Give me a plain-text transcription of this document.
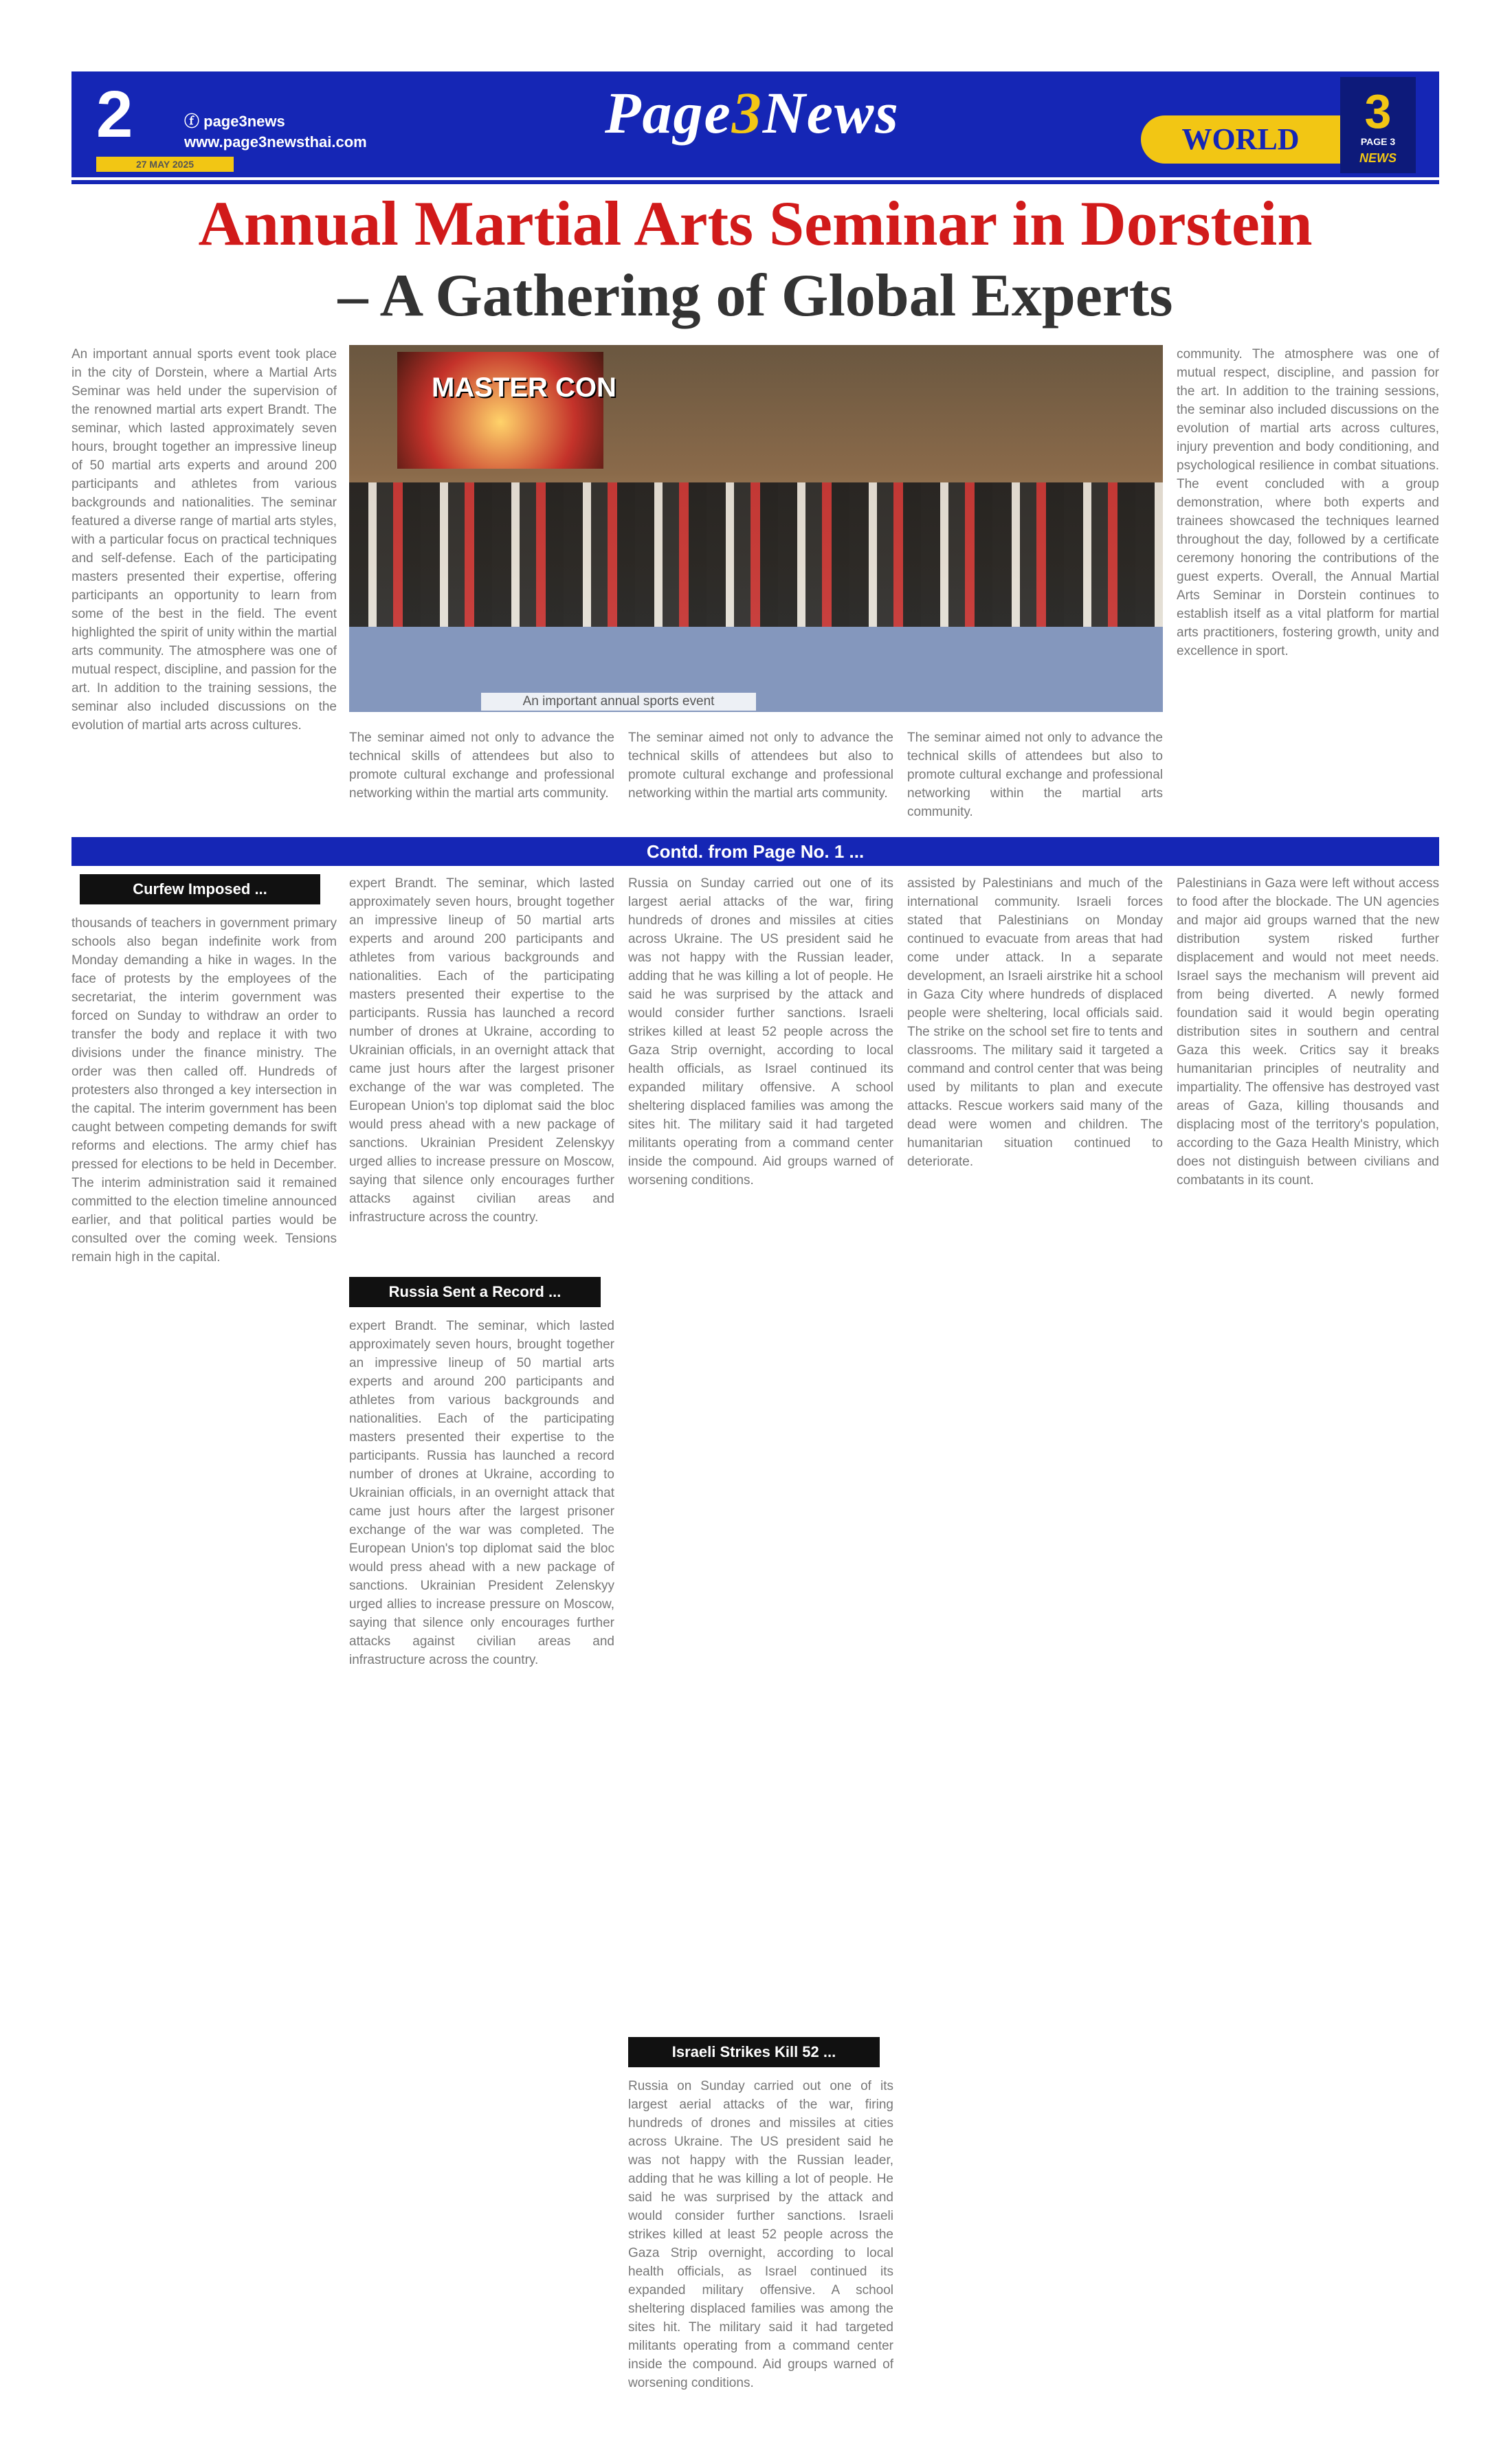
2	ⓕ page3news
www.page3newsthai.com
27 MAY 2025
Page3News	WORLD
3
PAGE 3
NEWS
Annual Martial Arts Seminar in Dorstein
– A Gathering of Global Experts
An important annual sports event took place in the city of Dorstein, where a Martial Arts Seminar was held under the supervision of the renowned martial arts expert Brandt. The seminar, which lasted approximately seven hours, brought together an impressive lineup of 50 martial arts experts and around 200 participants and athletes from various backgrounds and nationalities. The seminar featured a diverse range of martial arts styles, with a particular focus on practical techniques and self-defense. Each of the participating masters presented their expertise, offering participants an opportunity to learn from some of the best in the field. The event highlighted the spirit of unity within the martial arts community. The atmosphere was one of mutual respect, discipline, and passion for the art. In addition to the training sessions, the seminar also included discussions on the evolution of martial arts across cultures.
MASTER CON
An important annual sports event
The seminar aimed not only to advance the technical skills of attendees but also to promote cultural exchange and professional networking within the martial arts community.
The seminar aimed not only to advance the technical skills of attendees but also to promote cultural exchange and professional networking within the martial arts community.
The seminar aimed not only to advance the technical skills of attendees but also to promote cultural exchange and professional networking within the martial arts community.
community. The atmosphere was one of mutual respect, discipline, and passion for the art. In addition to the training sessions, the seminar also included discussions on the evolution of martial arts across cultures, injury prevention and body conditioning, and psychological resilience in combat situations. The event concluded with a group demonstration, where both experts and trainees showcased the techniques learned throughout the day, followed by a certificate ceremony honoring the contributions of the guest experts. Overall, the Annual Martial Arts Seminar in Dorstein continues to establish itself as a vital platform for martial arts practitioners, fostering growth, unity and excellence in sport.
Contd. from Page No. 1 ...
Curfew Imposed ...
thousands of teachers in government primary schools also began indefinite work from Monday demanding a hike in wages. In the face of protests by the employees of the secretariat, the interim government was forced on Sunday to withdraw an order to transfer the body and replace it with two divisions under the finance ministry. The order was then called off. Hundreds of protesters also thronged a key intersection in the capital. The interim government has been caught between competing demands for swift reforms and elections. The army chief has pressed for elections to be held in December. The interim administration said it remained committed to the election timeline announced earlier, and that political parties would be consulted over the coming week. Tensions remain high in the capital.
expert Brandt. The seminar, which lasted approximately seven hours, brought together an impressive lineup of 50 martial arts experts and around 200 participants and athletes from various backgrounds and nationalities. Each of the participating masters presented their expertise to the participants. Russia has launched a record number of drones at Ukraine, according to Ukrainian officials, in an overnight attack that came just hours after the largest prisoner exchange of the war was completed. The European Union's top diplomat said the bloc would press ahead with a new package of sanctions. Ukrainian President Zelenskyy urged allies to increase pressure on Moscow, saying that silence only encourages further attacks against civilian areas and infrastructure across the country.
Russia Sent a Record ...
expert Brandt. The seminar, which lasted approximately seven hours, brought together an impressive lineup of 50 martial arts experts and around 200 participants and athletes from various backgrounds and nationalities. Each of the participating masters presented their expertise to the participants. Russia has launched a record number of drones at Ukraine, according to Ukrainian officials, in an overnight attack that came just hours after the largest prisoner exchange of the war was completed. The European Union's top diplomat said the bloc would press ahead with a new package of sanctions. Ukrainian President Zelenskyy urged allies to increase pressure on Moscow, saying that silence only encourages further attacks against civilian areas and infrastructure across the country.
Russia on Sunday carried out one of its largest aerial attacks of the war, firing hundreds of drones and missiles at cities across Ukraine. The US president said he was not happy with the Russian leader, adding that he was killing a lot of people. He said he was surprised by the attack and would consider further sanctions. Israeli strikes killed at least 52 people across the Gaza Strip overnight, according to local health officials, as Israel continued its expanded military offensive. A school sheltering displaced families was among the sites hit. The military said it had targeted militants operating from a command center inside the compound. Aid groups warned of worsening conditions.
Israeli Strikes Kill 52 ...
Russia on Sunday carried out one of its largest aerial attacks of the war, firing hundreds of drones and missiles at cities across Ukraine. The US president said he was not happy with the Russian leader, adding that he was killing a lot of people. He said he was surprised by the attack and would consider further sanctions. Israeli strikes killed at least 52 people across the Gaza Strip overnight, according to local health officials, as Israel continued its expanded military offensive. A school sheltering displaced families was among the sites hit. The military said it had targeted militants operating from a command center inside the compound. Aid groups warned of worsening conditions.
assisted by Palestinians and much of the international community. Israeli forces stated that Palestinians on Monday continued to evacuate from areas that had come under attack. In a separate development, an Israeli airstrike hit a school in Gaza City where hundreds of displaced people were sheltering, local officials said. The strike on the school set fire to tents and classrooms. The military said it targeted a command and control center that was being used by militants to plan and execute attacks. Rescue workers said many of the dead were women and children. The humanitarian situation continued to deteriorate.
Palestinians in Gaza were left without access to food after the blockade. The UN agencies and major aid groups warned that the new distribution system risked further displacement and would not meet needs. Israel says the mechanism will prevent aid from being diverted. A newly formed foundation said it would begin operating distribution sites in southern and central Gaza this week. Critics say it breaks humanitarian principles of neutrality and impartiality. The offensive has destroyed vast areas of Gaza, killing thousands and displacing most of the territory's population, according to the Gaza Health Ministry, which does not distinguish between civilians and combatants in its count.
